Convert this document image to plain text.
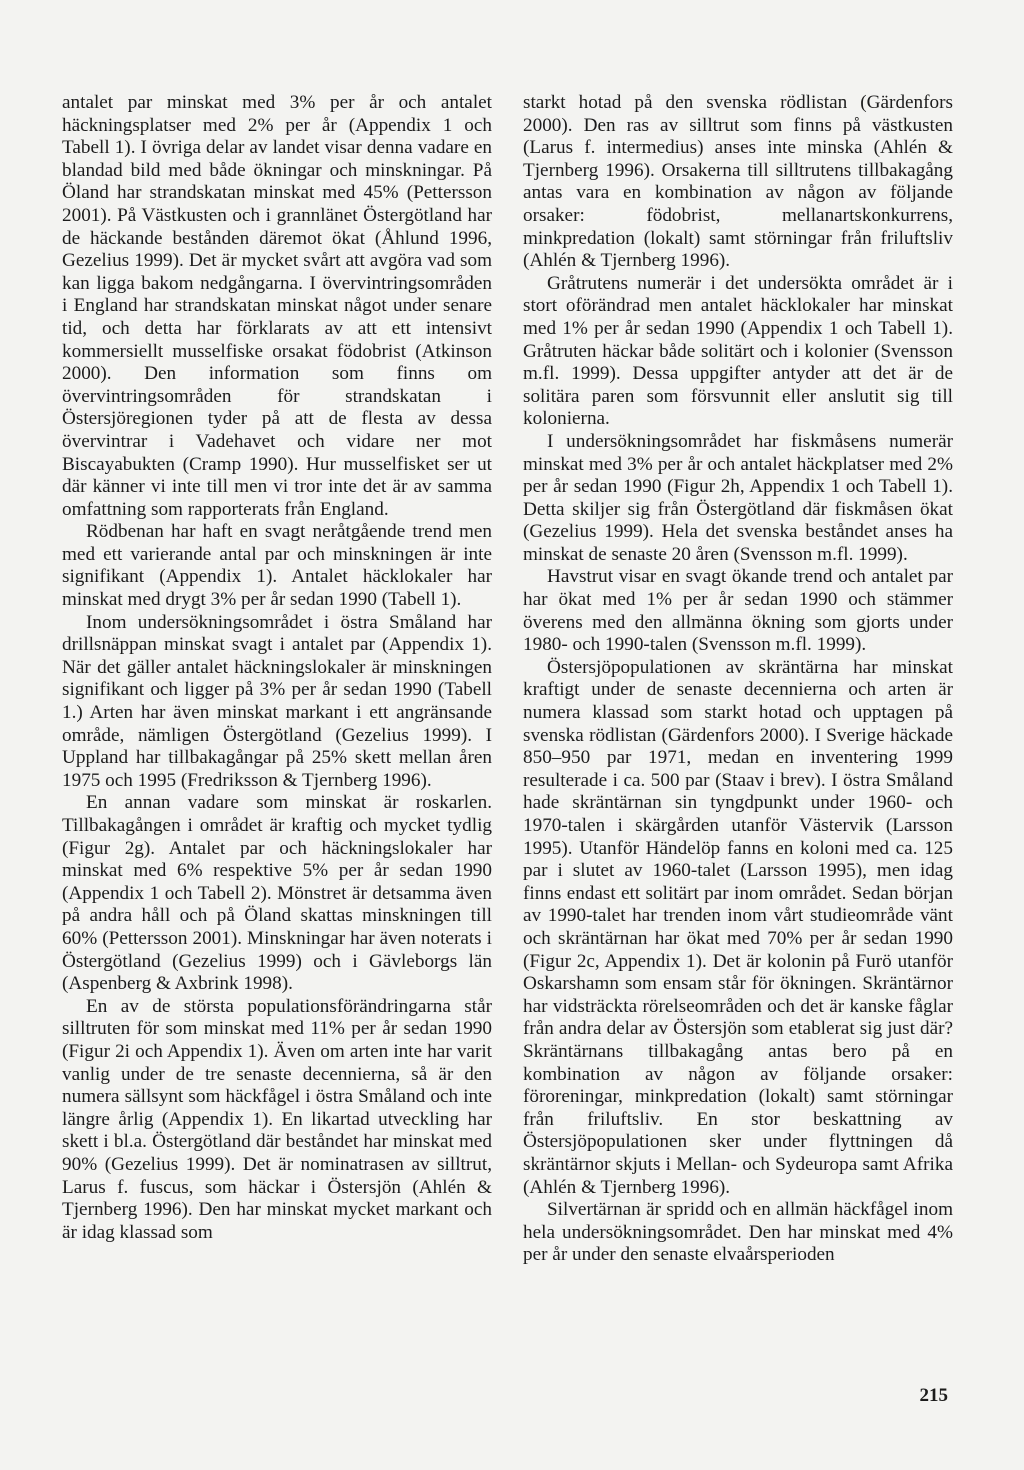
antalet par minskat med 3% per år och antalet häckningsplatser med 2% per år (Appendix 1 och Tabell 1). I övriga delar av landet visar denna vadare en blandad bild med både ökningar och minskningar. På Öland har strandskatan minskat med 45% (Pettersson 2001). På Västkusten och i grannlänet Östergötland har de häckande bestånden däremot ökat (Åhlund 1996, Gezelius 1999). Det är mycket svårt att avgöra vad som kan ligga bakom nedgångarna. I övervintringsområden i England har strandskatan minskat något under senare tid, och detta har förklarats av att ett intensivt kommersiellt musselfiske orsakat födobrist (Atkinson 2000). Den information som finns om övervintringsområden för strandskatan i Östersjöregionen tyder på att de flesta av dessa övervintrar i Vadehavet och vidare ner mot Biscayabukten (Cramp 1990). Hur musselfisket ser ut där känner vi inte till men vi tror inte det är av samma omfattning som rapporterats från England.

Rödbenan har haft en svagt neråtgående trend men med ett varierande antal par och minskningen är inte signifikant (Appendix 1). Antalet häcklokaler har minskat med drygt 3% per år sedan 1990 (Tabell 1).

Inom undersökningsområdet i östra Småland har drillsnäppan minskat svagt i antalet par (Appendix 1). När det gäller antalet häckningslokaler är minskningen signifikant och ligger på 3% per år sedan 1990 (Tabell 1.) Arten har även minskat markant i ett angränsande område, nämligen Östergötland (Gezelius 1999). I Uppland har tillbakagångar på 25% skett mellan åren 1975 och 1995 (Fredriksson & Tjernberg 1996).

En annan vadare som minskat är roskarlen. Tillbakagången i området är kraftig och mycket tydlig (Figur 2g). Antalet par och häckningslokaler har minskat med 6% respektive 5% per år sedan 1990 (Appendix 1 och Tabell 2). Mönstret är detsamma även på andra håll och på Öland skattas minskningen till 60% (Pettersson 2001). Minskningar har även noterats i Östergötland (Gezelius 1999) och i Gävleborgs län (Aspenberg & Axbrink 1998).

En av de största populationsförändringarna står silltruten för som minskat med 11% per år sedan 1990 (Figur 2i och Appendix 1). Även om arten inte har varit vanlig under de tre senaste decennierna, så är den numera sällsynt som häckfågel i östra Småland och inte längre årlig (Appendix 1). En likartad utveckling har skett i bl.a. Östergötland där beståndet har minskat med 90% (Gezelius 1999). Det är nominatrasen av silltrut, Larus f. fuscus, som häckar i Östersjön (Ahlén & Tjernberg 1996). Den har minskat mycket markant och är idag klassad som

starkt hotad på den svenska rödlistan (Gärdenfors 2000). Den ras av silltrut som finns på västkusten (Larus f. intermedius) anses inte minska (Ahlén & Tjernberg 1996). Orsakerna till silltrutens tillbakagång antas vara en kombination av någon av följande orsaker: födobrist, mellanartskonkurrens, minkpredation (lokalt) samt störningar från friluftsliv (Ahlén & Tjernberg 1996).

Gråtrutens numerär i det undersökta området är i stort oförändrad men antalet häcklokaler har minskat med 1% per år sedan 1990 (Appendix 1 och Tabell 1). Gråtruten häckar både solitärt och i kolonier (Svensson m.fl. 1999). Dessa uppgifter antyder att det är de solitära paren som försvunnit eller anslutit sig till kolonierna.

I undersökningsområdet har fiskmåsens numerär minskat med 3% per år och antalet häckplatser med 2% per år sedan 1990 (Figur 2h, Appendix 1 och Tabell 1). Detta skiljer sig från Östergötland där fiskmåsen ökat (Gezelius 1999). Hela det svenska beståndet anses ha minskat de senaste 20 åren (Svensson m.fl. 1999).

Havstrut visar en svagt ökande trend och antalet par har ökat med 1% per år sedan 1990 och stämmer överens med den allmänna ökning som gjorts under 1980- och 1990-talen (Svensson m.fl. 1999).

Östersjöpopulationen av skräntärna har minskat kraftigt under de senaste decennierna och arten är numera klassad som starkt hotad och upptagen på svenska rödlistan (Gärdenfors 2000). I Sverige häckade 850–950 par 1971, medan en inventering 1999 resulterade i ca. 500 par (Staav i brev). I östra Småland hade skräntärnan sin tyngdpunkt under 1960- och 1970-talen i skärgården utanför Västervik (Larsson 1995). Utanför Händelöp fanns en koloni med ca. 125 par i slutet av 1960-talet (Larsson 1995), men idag finns endast ett solitärt par inom området. Sedan början av 1990-talet har trenden inom vårt studieområde vänt och skräntärnan har ökat med 70% per år sedan 1990 (Figur 2c, Appendix 1). Det är kolonin på Furö utanför Oskarshamn som ensam står för ökningen. Skräntärnor har vidsträckta rörelseområden och det är kanske fåglar från andra delar av Östersjön som etablerat sig just där? Skräntärnans tillbakagång antas bero på en kombination av någon av följande orsaker: föroreningar, minkpredation (lokalt) samt störningar från friluftsliv. En stor beskattning av Östersjöpopulationen sker under flyttningen då skräntärnor skjuts i Mellan- och Sydeuropa samt Afrika (Ahlén & Tjernberg 1996).

Silvertärnan är spridd och en allmän häckfågel inom hela undersökningsområdet. Den har minskat med 4% per år under den senaste elvaårsperioden

215
